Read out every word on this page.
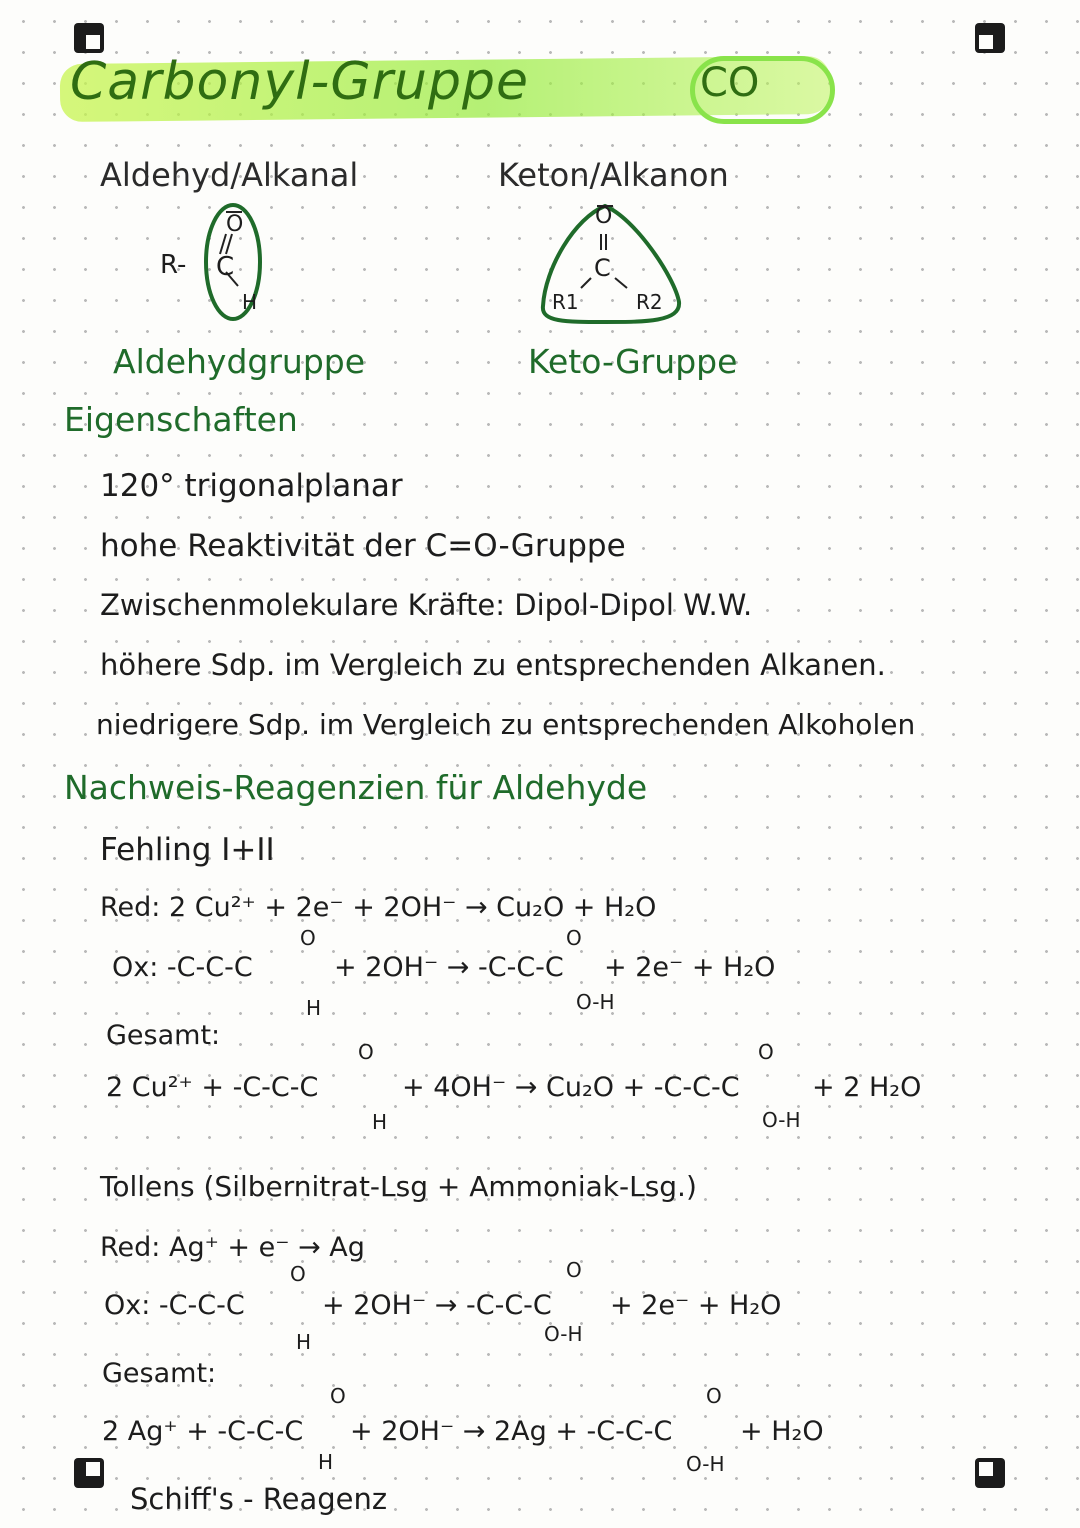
Carbonyl-Gruppe	CO
Aldehyd/Alkanal
R- C
O
H
Aldehydgruppe
Keton/Alkanon
O
C
R1	R2
Keto-Gruppe
Eigenschaften
120° trigonalplanar
hohe Reaktivität der C=O-Gruppe
Zwischenmolekulare Kräfte: Dipol-Dipol W.W.
höhere Sdp. im Vergleich zu entsprechenden Alkanen.
niedrigere Sdp. im Vergleich zu entsprechenden Alkoholen
Nachweis-Reagenzien für Aldehyde
Fehling I+II
Red: 2 Cu²⁺ + 2e⁻ + 2OH⁻ → Cu₂O + H₂O
Ox: -C-C-C
O
H
+ 2OH⁻ → -C-C-C
O
O-H
+ 2e⁻ + H₂O
Gesamt:
2 Cu²⁺ + -C-C-C
O
H
+ 4OH⁻ → Cu₂O + -C-C-C
O
O-H
+ 2 H₂O
Tollens (Silbernitrat-Lsg + Ammoniak-Lsg.)
Red: Ag⁺ + e⁻ → Ag
Ox: -C-C-C
O
H
+ 2OH⁻ → -C-C-C
O
O-H
+ 2e⁻ + H₂O
Gesamt:
2 Ag⁺ + -C-C-C
O
H
+ 2OH⁻ → 2Ag + -C-C-C
O
O-H
+ H₂O
Schiff's - Reagenz
